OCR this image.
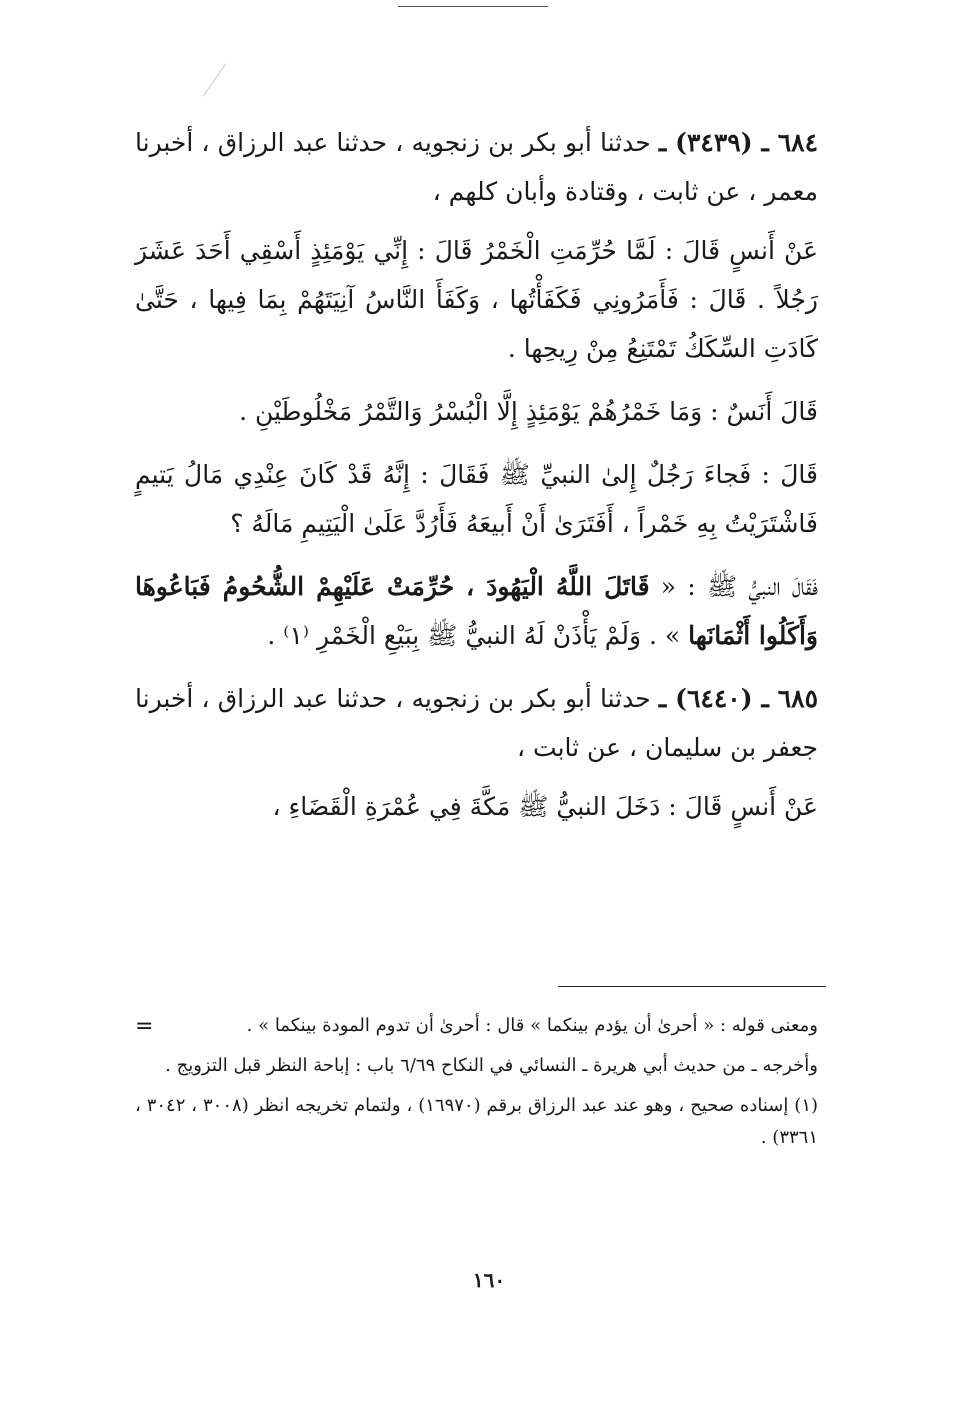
٦٨٤ ـ (٣٤٣٩) ـ حدثنا أبو بكر بن زنجويه ، حدثنا عبد الرزاق ، أخبرنا معمر ، عن ثابت ، وقتادة وأبان كلهم ،

عَنْ أَنسٍ قَالَ : لَمَّا حُرِّمَتِ الْخَمْرُ قَالَ : إِنِّي يَوْمَئِذٍ أَسْقِي أَحَدَ عَشَرَ رَجُلاً . قَالَ : فَأَمَرُونِي فَكَفَأْتُها ، وَكَفَأَ النَّاسُ آنِيَتَهُمْ بِمَا فِيها ، حَتَّىٰ كَادَتِ السِّكَكُ تَمْتَنِعُ مِنْ رِيحِها .

قَالَ أَنَسٌ : وَمَا خَمْرُهُمْ يَوْمَئِذٍ إِلَّا الْبُسْرُ وَالتَّمْرُ مَخْلُوطَيْنِ .

قَالَ : فَجاءَ رَجُلٌ إِلىٰ النبيِّ ﷺ فَقَالَ : إِنَّهُ قَدْ كَانَ عِنْدِي مَالُ يَتيمٍ فَاشْتَرَيْتُ بِهِ خَمْراً ، أَفَتَرَىٰ أَنْ أَبيعَهُ فَأَرُدَّ عَلَىٰ الْيَتِيمِ مَالَهُ ؟

فَقَالَ النبيُّ ﷺ : « قَاتَلَ اللَّهُ الْيَهُودَ ، حُرِّمَتْ عَلَيْهِمْ الشُّحُومُ فَبَاعُوهَا وَأَكَلُوا أَثْمَانَها » . وَلَمْ يَأْذَنْ لَهُ النبيُّ ﷺ بِبَيْعِ الْخَمْرِ ⁽١⁾ .

٦٨٥ ـ (٦٤٤٠) ـ حدثنا أبو بكر بن زنجويه ، حدثنا عبد الرزاق ، أخبرنا جعفر بن سليمان ، عن ثابت ،

عَنْ أَنسٍ قَالَ : دَخَلَ النبيُّ ﷺ مَكَّةَ فِي عُمْرَةِ الْقَضَاءِ ،

=	ومعنى قوله : « أحرىٰ أن يؤدم بينكما » قال : أحرىٰ أن تدوم المودة بينكما » .

وأخرجه ـ من حديث أبي هريرة ـ النسائي في النكاح ٦/٦٩ باب : إباحة النظر قبل التزويج .

(١) إسناده صحيح ، وهو عند عبد الرزاق برقم (١٦٩٧٠) ، ولتمام تخريجه انظر (٣٠٠٨ ، ٣٠٤٢ ، ٣٣٦١) .

١٦٠
